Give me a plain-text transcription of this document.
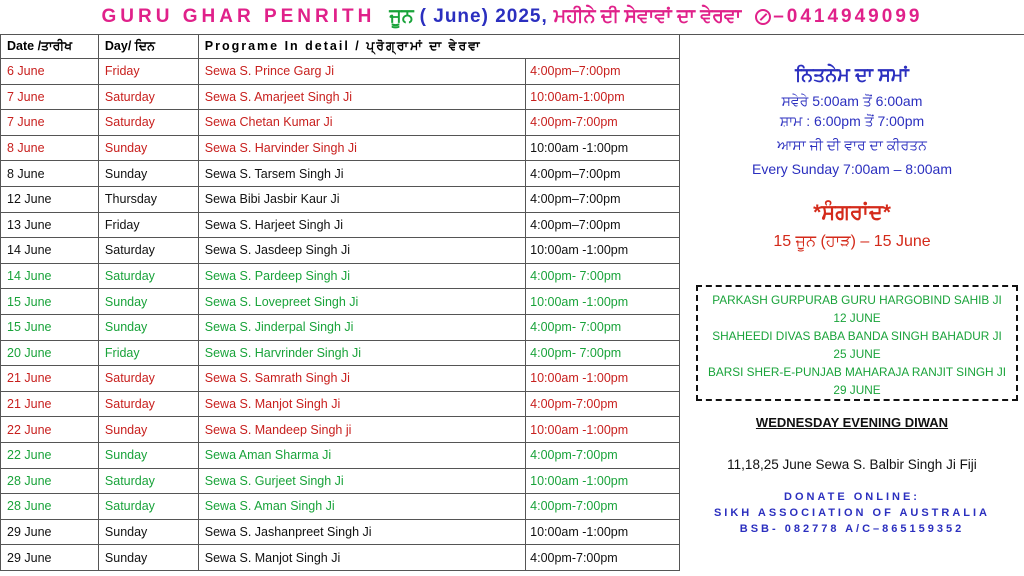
GURU GHAR PENRITH ਜੂਨ ( June) 2025, ਮਹੀਨੇ ਦੀ ਸੇਵਾਵਾਂ ਦਾ ਵੇਰਵਾ –0414949099
Date /ਤਾਰੀਖ	Day/ ਦਿਨ	Programe In detail / ਪ੍ਰੋਗ੍ਰਾਮਾਂ ਦਾ ਵੇਰਵਾ	
6 June	Friday	Sewa S. Prince Garg Ji	4:00pm–7:00pm
7 June	Saturday	Sewa S. Amarjeet Singh Ji	10:00am-1:00pm
7 June	Saturday	Sewa Chetan Kumar Ji	4:00pm-7:00pm
8 June	Sunday	Sewa S. Harvinder Singh Ji	10:00am -1:00pm
8 June	Sunday	Sewa S. Tarsem Singh Ji	4:00pm–7:00pm
12 June	Thursday	Sewa Bibi Jasbir Kaur Ji	4:00pm–7:00pm
13 June	Friday	Sewa S. Harjeet Singh Ji	4:00pm–7:00pm
14 June	Saturday	Sewa S. Jasdeep Singh Ji	10:00am -1:00pm
14 June	Saturday	Sewa S. Pardeep Singh Ji	4:00pm- 7:00pm
15 June	Sunday	Sewa S. Lovepreet Singh Ji	10:00am -1:00pm
15 June	Sunday	Sewa S. Jinderpal Singh Ji	4:00pm- 7:00pm
20 June	Friday	Sewa S. Harvrinder Singh Ji	4:00pm- 7:00pm
21 June	Saturday	Sewa S. Samrath Singh Ji	10:00am -1:00pm
21 June	Saturday	Sewa S. Manjot Singh Ji	4:00pm-7:00pm
22 June	Sunday	Sewa S. Mandeep Singh ji	10:00am -1:00pm
22 June	Sunday	Sewa Aman Sharma Ji	4:00pm-7:00pm
28 June	Saturday	Sewa S. Gurjeet Singh Ji	10:00am -1:00pm
28 June	Saturday	Sewa S. Aman Singh Ji	4:00pm-7:00pm
29 June	Sunday	Sewa S. Jashanpreet Singh Ji	10:00am -1:00pm
29 June	Sunday	Sewa S. Manjot Singh Ji	4:00pm-7:00pm
ਨਿਤਨੇਮ ਦਾ ਸਮਾਂ
ਸਵੇਰੇ 5:00am ਤੋਂ 6:00am
ਸ਼ਾਮ : 6:00pm ਤੋਂ 7:00pm
ਆਸਾ ਜੀ ਦੀ ਵਾਰ ਦਾ ਕੀਰਤਨ
Every Sunday 7:00am – 8:00am
*ਸੰਗਰਾਂਦ*
15 ਜੂਨ (ਹਾੜ) – 15 June
PARKASH GURPURAB GURU HARGOBIND SAHIB JI
12 JUNE
SHAHEEDI DIVAS BABA BANDA SINGH BAHADUR JI
25 JUNE
BARSI SHER-E-PUNJAB MAHARAJA RANJIT SINGH JI
29 JUNE
WEDNESDAY EVENING DIWAN
11,18,25 June Sewa S. Balbir Singh Ji Fiji
DONATE ONLINE:
SIKH ASSOCIATION OF AUSTRALIA
BSB- 082778 A/C–865159352
